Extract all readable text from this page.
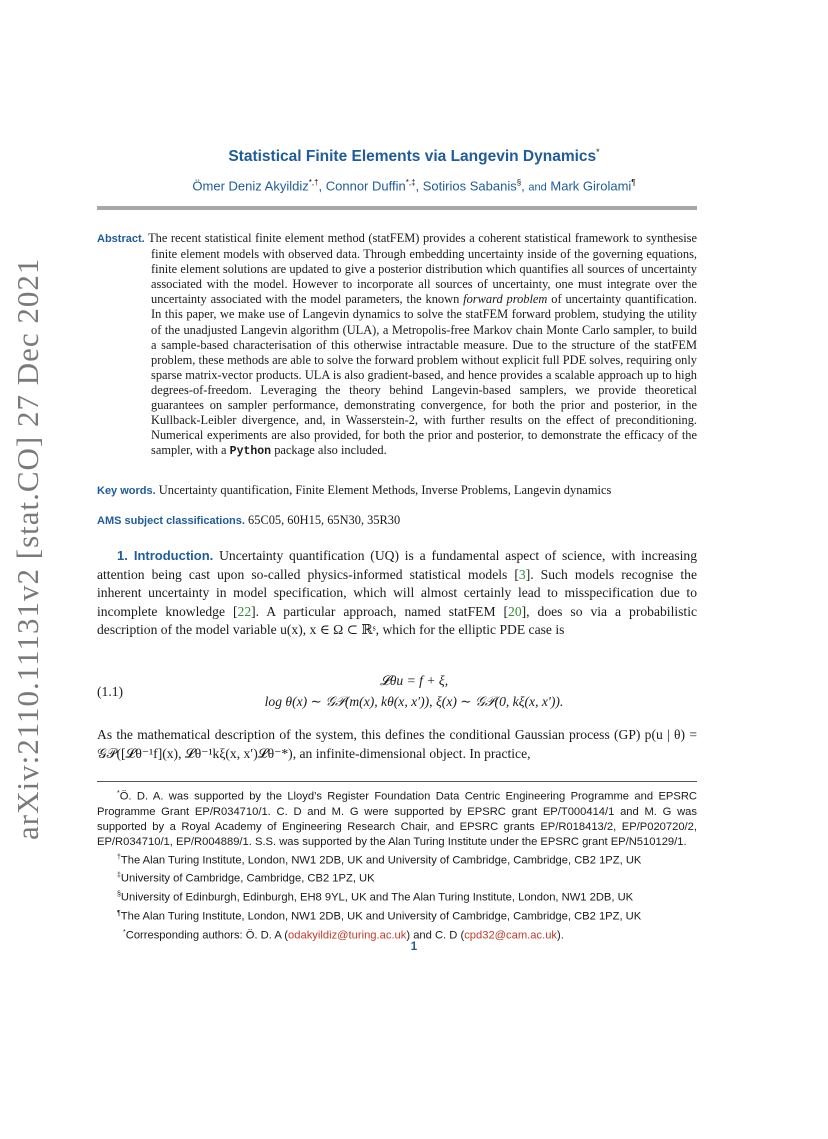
arXiv:2110.11131v2 [stat.CO] 27 Dec 2021
Statistical Finite Elements via Langevin Dynamics*
Ömer Deniz Akyildiz*,†, Connor Duffin*,‡, Sotirios Sabanis§, and Mark Girolami¶

Abstract. The recent statistical finite element method (statFEM) provides a coherent statistical framework to synthesise finite element models with observed data. Through embedding uncertainty inside of the governing equations, finite element solutions are updated to give a posterior distribution which quantifies all sources of uncertainty associated with the model. However to incorporate all sources of uncertainty, one must integrate over the uncertainty associated with the model parameters, the known forward problem of uncertainty quantification. In this paper, we make use of Langevin dynamics to solve the statFEM forward problem, studying the utility of the unadjusted Langevin algorithm (ULA), a Metropolis-free Markov chain Monte Carlo sampler, to build a sample-based characterisation of this otherwise intractable measure. Due to the structure of the statFEM problem, these methods are able to solve the forward problem without explicit full PDE solves, requiring only sparse matrix-vector products. ULA is also gradient-based, and hence provides a scalable approach up to high degrees-of-freedom. Leveraging the theory behind Langevin-based samplers, we provide theoretical guarantees on sampler performance, demonstrating convergence, for both the prior and posterior, in the Kullback-Leibler divergence, and, in Wasserstein-2, with further results on the effect of preconditioning. Numerical experiments are also provided, for both the prior and posterior, to demonstrate the efficacy of the sampler, with a Python package also included.

Key words. Uncertainty quantification, Finite Element Methods, Inverse Problems, Langevin dynamics
AMS subject classifications. 65C05, 60H15, 65N30, 35R30
1. Introduction. Uncertainty quantification (UQ) is a fundamental aspect of science, with increasing attention being cast upon so-called physics-informed statistical models [3]. Such models recognise the inherent uncertainty in model specification, which will almost certainly lead to misspecification due to incomplete knowledge [22]. A particular approach, named statFEM [20], does so via a probabilistic description of the model variable u(x), x ∈ Ω ⊂ ℝˢ, which for the elliptic PDE case is
(1.1)
𝓛θu = f + ξ,
log θ(x) ∼ 𝒢𝒫(m(x), kθ(x, x′)), ξ(x) ∼ 𝒢𝒫(0, kξ(x, x′)).
As the mathematical description of the system, this defines the conditional Gaussian process (GP) p(u | θ) = 𝒢𝒫([𝓛θ⁻¹f](x), 𝓛θ⁻¹kξ(x, x′)𝓛θ⁻*), an infinite-dimensional object. In practice,

*Ö. D. A. was supported by the Lloyd’s Register Foundation Data Centric Engineering Programme and EPSRC Programme Grant EP/R034710/1. C. D and M. G were supported by EPSRC grant EP/T000414/1 and M. G was supported by a Royal Academy of Engineering Research Chair, and EPSRC grants EP/R018413/2, EP/P020720/2, EP/R034710/1, EP/R004889/1. S.S. was supported by the Alan Turing Institute under the EPSRC grant EP/N510129/1.

†The Alan Turing Institute, London, NW1 2DB, UK and University of Cambridge, Cambridge, CB2 1PZ, UK

‡University of Cambridge, Cambridge, CB2 1PZ, UK

§University of Edinburgh, Edinburgh, EH8 9YL, UK and The Alan Turing Institute, London, NW1 2DB, UK

¶The Alan Turing Institute, London, NW1 2DB, UK and University of Cambridge, Cambridge, CB2 1PZ, UK

*Corresponding authors: Ö. D. A (odakyildiz@turing.ac.uk) and C. D (cpd32@cam.ac.uk).

1
